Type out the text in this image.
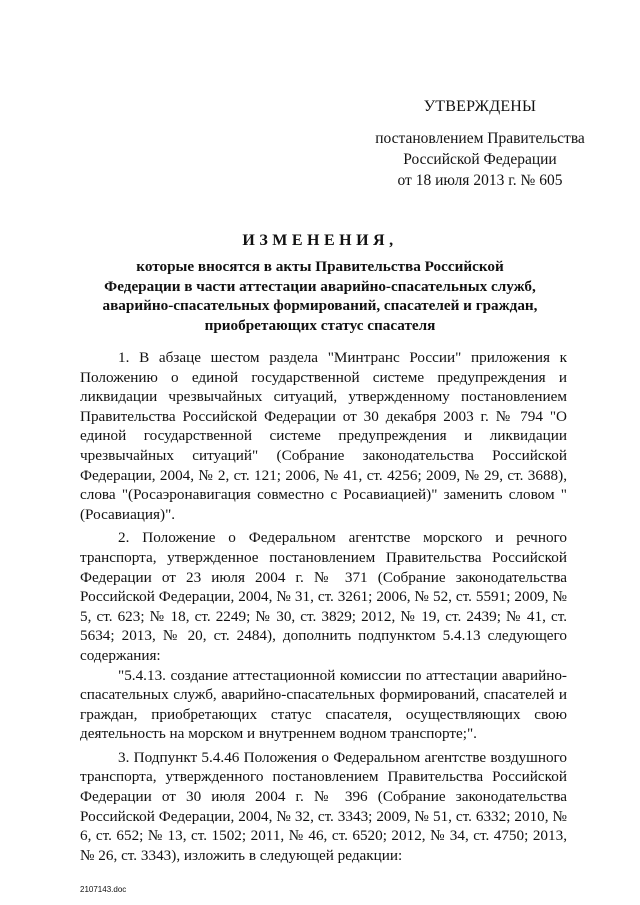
УТВЕРЖДЕНЫ
постановлением Правительства
Российской Федерации
от 18 июля 2013 г. № 605
ИЗМЕНЕНИЯ,
которые вносятся в акты Правительства Российской Федерации в части аттестации аварийно-спасательных служб, аварийно-спасательных формирований, спасателей и граждан, приобретающих статус спасателя

1. В абзаце шестом раздела "Минтранс России" приложения к Положению о единой государственной системе предупреждения и ликвидации чрезвычайных ситуаций, утвержденному постановлением Правительства Российской Федерации от 30 декабря 2003 г. № 794 "О единой государственной системе предупреждения и ликвидации чрезвычайных ситуаций" (Собрание законодательства Российской Федерации, 2004, № 2, ст. 121; 2006, № 41, ст. 4256; 2009, № 29, ст. 3688), слова "(Росаэронавигация совместно с Росавиацией)" заменить словом "(Росавиация)".

2. Положение о Федеральном агентстве морского и речного транспорта, утвержденное постановлением Правительства Российской Федерации от 23 июля 2004 г. № 371 (Собрание законодательства Российской Федерации, 2004, № 31, ст. 3261; 2006, № 52, ст. 5591; 2009, № 5, ст. 623; № 18, ст. 2249; № 30, ст. 3829; 2012, № 19, ст. 2439; № 41, ст. 5634; 2013, № 20, ст. 2484), дополнить подпунктом 5.4.13 следующего содержания:

"5.4.13. создание аттестационной комиссии по аттестации аварийно-спасательных служб, аварийно-спасательных формирований, спасателей и граждан, приобретающих статус спасателя, осуществляющих свою деятельность на морском и внутреннем водном транспорте;".

3. Подпункт 5.4.46 Положения о Федеральном агентстве воздушного транспорта, утвержденного постановлением Правительства Российской Федерации от 30 июля 2004 г. № 396 (Собрание законодательства Российской Федерации, 2004, № 32, ст. 3343; 2009, № 51, ст. 6332; 2010, № 6, ст. 652; № 13, ст. 1502; 2011, № 46, ст. 6520; 2012, № 34, ст. 4750; 2013, № 26, ст. 3343), изложить в следующей редакции:

2107143.doc
